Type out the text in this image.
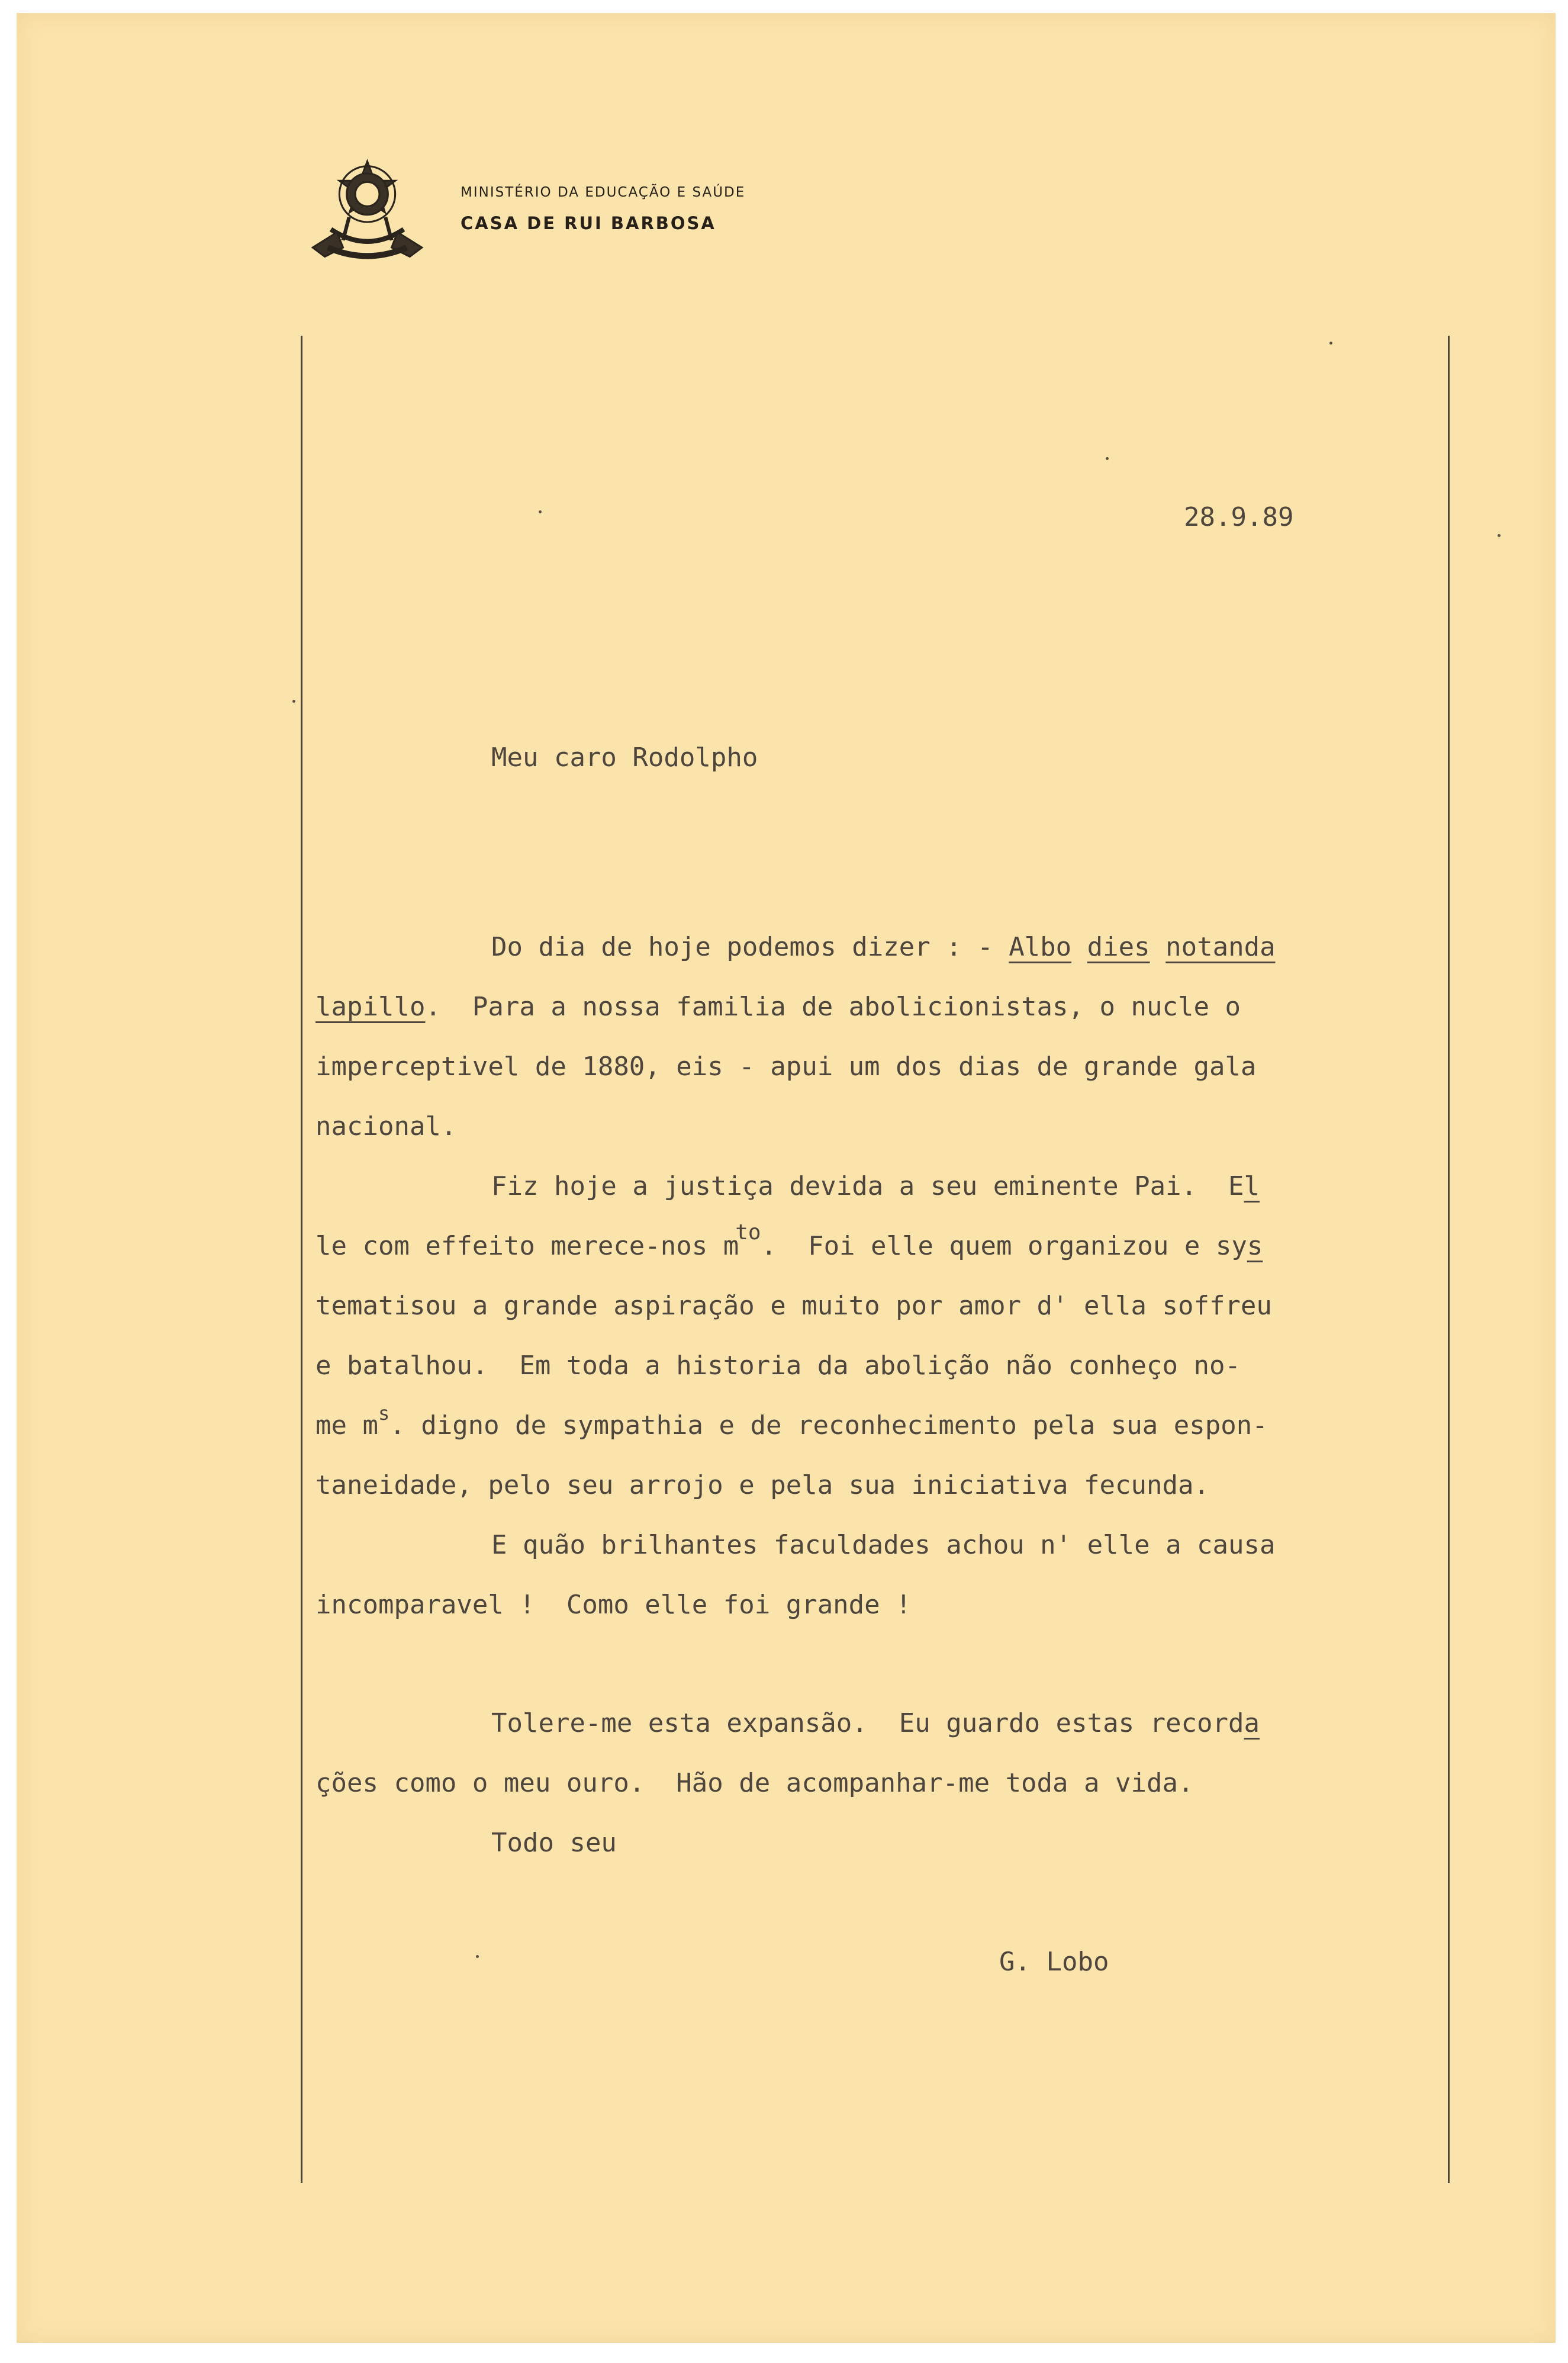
MINISTÉRIO DA EDUCAÇÃO E SAÚDE
CASA DE RUI BARBOSA
28.9.89
Meu caro Rodolpho
Do dia de hoje podemos dizer : - Albo dies notanda
lapillo.  Para a nossa familia de abolicionistas, o nucle o
imperceptivel de 1880, eis - apui um dos dias de grande gala
nacional.
Fiz hoje a justiça devida a seu eminente Pai.  El
le com effeito merece-nos $m^{to}$.  Foi elle quem organizou e sys
tematisou a grande aspiração e muito por amor d' ella soffreu
e batalhou.  Em toda a historia da abolição não conheço no-
me $m^s$. digno de sympathia e de reconhecimento pela sua espon-
taneidade, pelo seu arrojo e pela sua iniciativa fecunda.
E quão brilhantes faculdades achou n' elle a causa
incomparavel !  Como elle foi grande !
Tolere-me esta expansão.  Eu guardo estas recorda
ções como o meu ouro.  Hão de acompanhar-me toda a vida.
Todo seu
G. Lobo
